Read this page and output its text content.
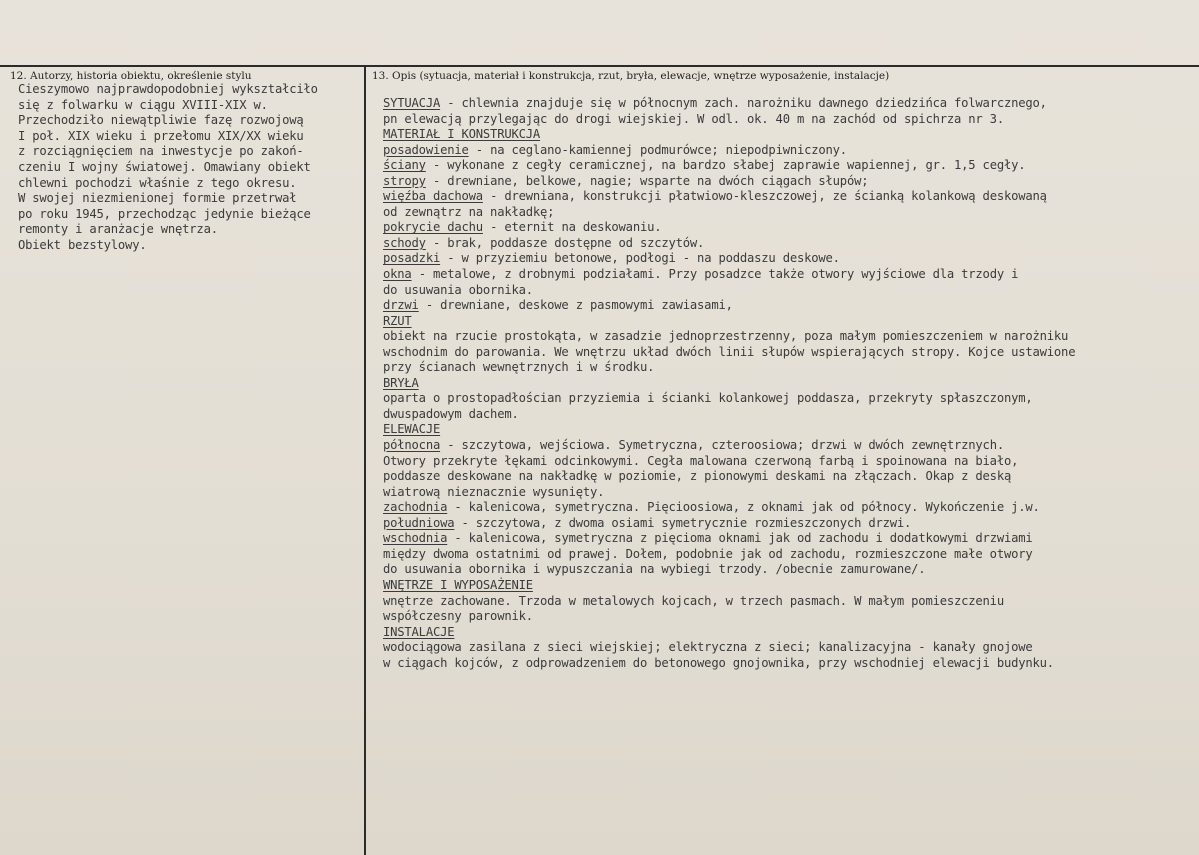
12. Autorzy, historia obiektu, określenie stylu	13. Opis (sytuacja, materiał i konstrukcja, rzut, bryła, elewacje, wnętrze wyposażenie, instalacje)
Cieszymowo najprawdopodobniej wykształciło
się z folwarku w ciągu XVIII-XIX w.
Przechodziło niewątpliwie fazę rozwojową
I poł. XIX wieku i przełomu XIX/XX wieku
z rozciągnięciem na inwestycje po zakoń-
czeniu I wojny światowej. Omawiany obiekt
chlewni pochodzi właśnie z tego okresu.
W swojej niezmienionej formie przetrwał
po roku 1945, przechodząc jedynie bieżące
remonty i aranżacje wnętrza.
Obiekt bezstylowy.
SYTUACJA - chlewnia znajduje się w północnym zach. narożniku dawnego dziedzińca folwarcznego,
pn elewacją przylegając do drogi wiejskiej. W odl. ok. 40 m na zachód od spichrza nr 3.
MATERIAŁ I KONSTRUKCJA
posadowienie - na ceglano-kamiennej podmurówce; niepodpiwniczony.
ściany - wykonane z cegły ceramicznej, na bardzo słabej zaprawie wapiennej, gr. 1,5 cegły.
stropy - drewniane, belkowe, nagie; wsparte na dwóch ciągach słupów;
więźba dachowa - drewniana, konstrukcji płatwiowo-kleszczowej, ze ścianką kolankową deskowaną
od zewnątrz na nakładkę;
pokrycie dachu - eternit na deskowaniu.
schody - brak, poddasze dostępne od szczytów.
posadzki - w przyziemiu betonowe, podłogi - na poddaszu deskowe.
okna - metalowe, z drobnymi podziałami. Przy posadzce także otwory wyjściowe dla trzody i
do usuwania obornika.
drzwi - drewniane, deskowe z pasmowymi zawiasami,
RZUT
obiekt na rzucie prostokąta, w zasadzie jednoprzestrzenny, poza małym pomieszczeniem w narożniku
wschodnim do parowania. We wnętrzu układ dwóch linii słupów wspierających stropy. Kojce ustawione
przy ścianach wewnętrznych i w środku.
BRYŁA
oparta o prostopadłościan przyziemia i ścianki kolankowej poddasza, przekryty spłaszczonym,
dwuspadowym dachem.
ELEWACJE
północna - szczytowa, wejściowa. Symetryczna, czteroosiowa; drzwi w dwóch zewnętrznych.
Otwory przekryte łękami odcinkowymi. Cegła malowana czerwoną farbą i spoinowana na biało,
poddasze deskowane na nakładkę w poziomie, z pionowymi deskami na złączach. Okap z deską
wiatrową nieznacznie wysunięty.
zachodnia - kalenicowa, symetryczna. Pięcioosiowa, z oknami jak od północy. Wykończenie j.w.
południowa - szczytowa, z dwoma osiami symetrycznie rozmieszczonych drzwi.
wschodnia - kalenicowa, symetryczna z pięcioma oknami jak od zachodu i dodatkowymi drzwiami
między dwoma ostatnimi od prawej. Dołem, podobnie jak od zachodu, rozmieszczone małe otwory
do usuwania obornika i wypuszczania na wybiegi trzody. /obecnie zamurowane/.
WNĘTRZE I WYPOSAŻENIE
wnętrze zachowane. Trzoda w metalowych kojcach, w trzech pasmach. W małym pomieszczeniu
współczesny parownik.
INSTALACJE
wodociągowa zasilana z sieci wiejskiej; elektryczna z sieci; kanalizacyjna - kanały gnojowe
w ciągach kojców, z odprowadzeniem do betonowego gnojownika, przy wschodniej elewacji budynku.
